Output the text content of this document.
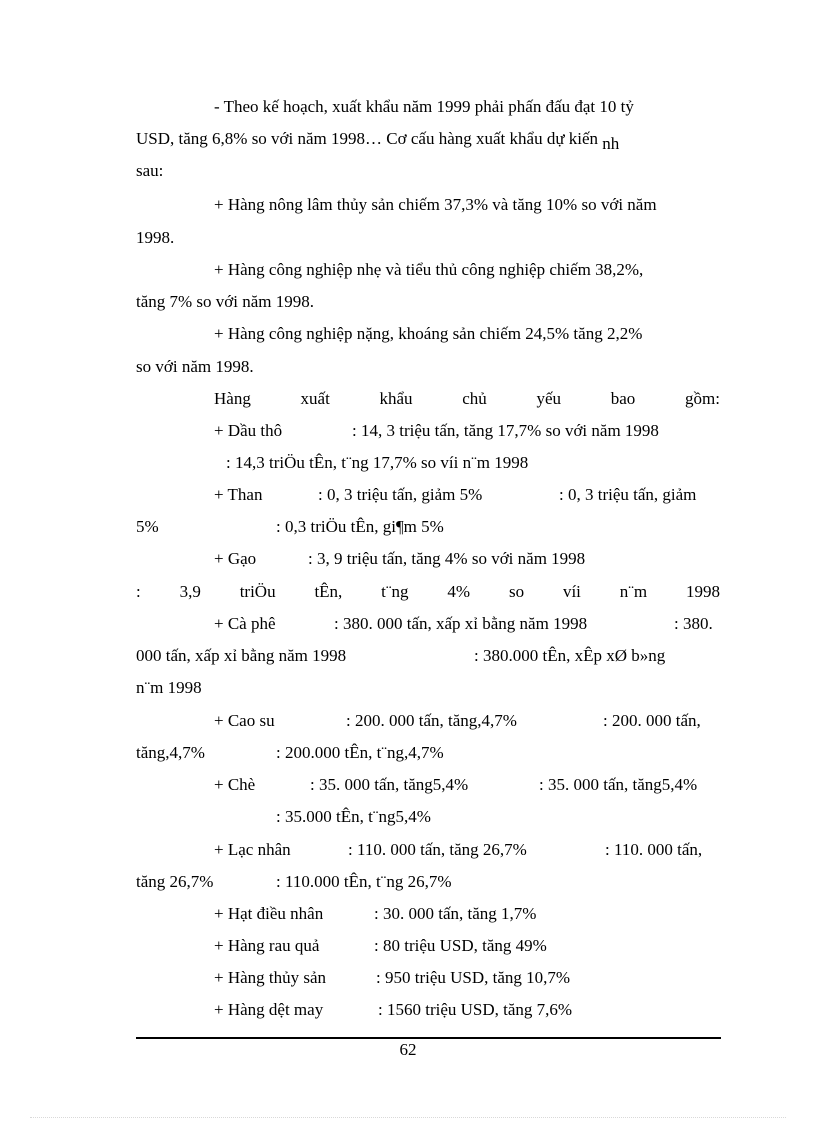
- Theo kế hoạch, xuất khẩu năm 1999 phải phấn đấu đạt 10 tỷ
USD, tăng 6,8% so với năm 1998… Cơ cấu hàng xuất khẩu dự kiến nh
sau:
+ Hàng nông lâm thủy sản chiếm 37,3% và tăng 10% so với năm
1998.
+ Hàng công nghiệp nhẹ và tiểu thủ công nghiệp chiếm 38,2%,
tăng 7% so với năm 1998.
+ Hàng công nghiệp nặng, khoáng sản chiếm 24,5% tăng 2,2%
so với năm 1998.
Hàng	xuất	khẩu	chủ	yếu	bao	gồm:
+ Dầu thô	: 14, 3 triệu tấn, tăng 17,7% so với năm 1998
: 14,3 triÖu tÊn, t¨ng 17,7% so víi n¨m 1998
+ Than	: 0, 3 triệu tấn, giảm 5%	: 0, 3 triệu tấn, giảm
5%	: 0,3 triÖu tÊn, gi¶m 5%
+ Gạo	: 3, 9 triệu tấn, tăng 4% so với năm 1998
: 3,9 triÖu tÊn, t¨ng 4% so víi n¨m 1998
+ Cà phê	: 380. 000 tấn, xấp xỉ bằng năm 1998	: 380.
000 tấn, xấp xỉ bằng năm 1998	: 380.000 tÊn, xÊp xØ b»ng
n¨m 1998
+ Cao su	: 200. 000 tấn, tăng,4,7%	: 200. 000 tấn,
tăng,4,7%	: 200.000 tÊn, t¨ng,4,7%
+ Chè	: 35. 000 tấn, tăng5,4%	: 35. 000 tấn, tăng5,4%
: 35.000 tÊn, t¨ng5,4%
+ Lạc nhân	: 110. 000 tấn, tăng 26,7%	: 110. 000 tấn,
tăng 26,7%	: 110.000 tÊn, t¨ng 26,7%
+ Hạt điều nhân	: 30. 000 tấn, tăng 1,7%
+ Hàng rau quả	: 80 triệu USD, tăng 49%
+ Hàng thủy sản	: 950 triệu USD, tăng 10,7%
+ Hàng dệt may	: 1560 triệu USD, tăng 7,6%
62
